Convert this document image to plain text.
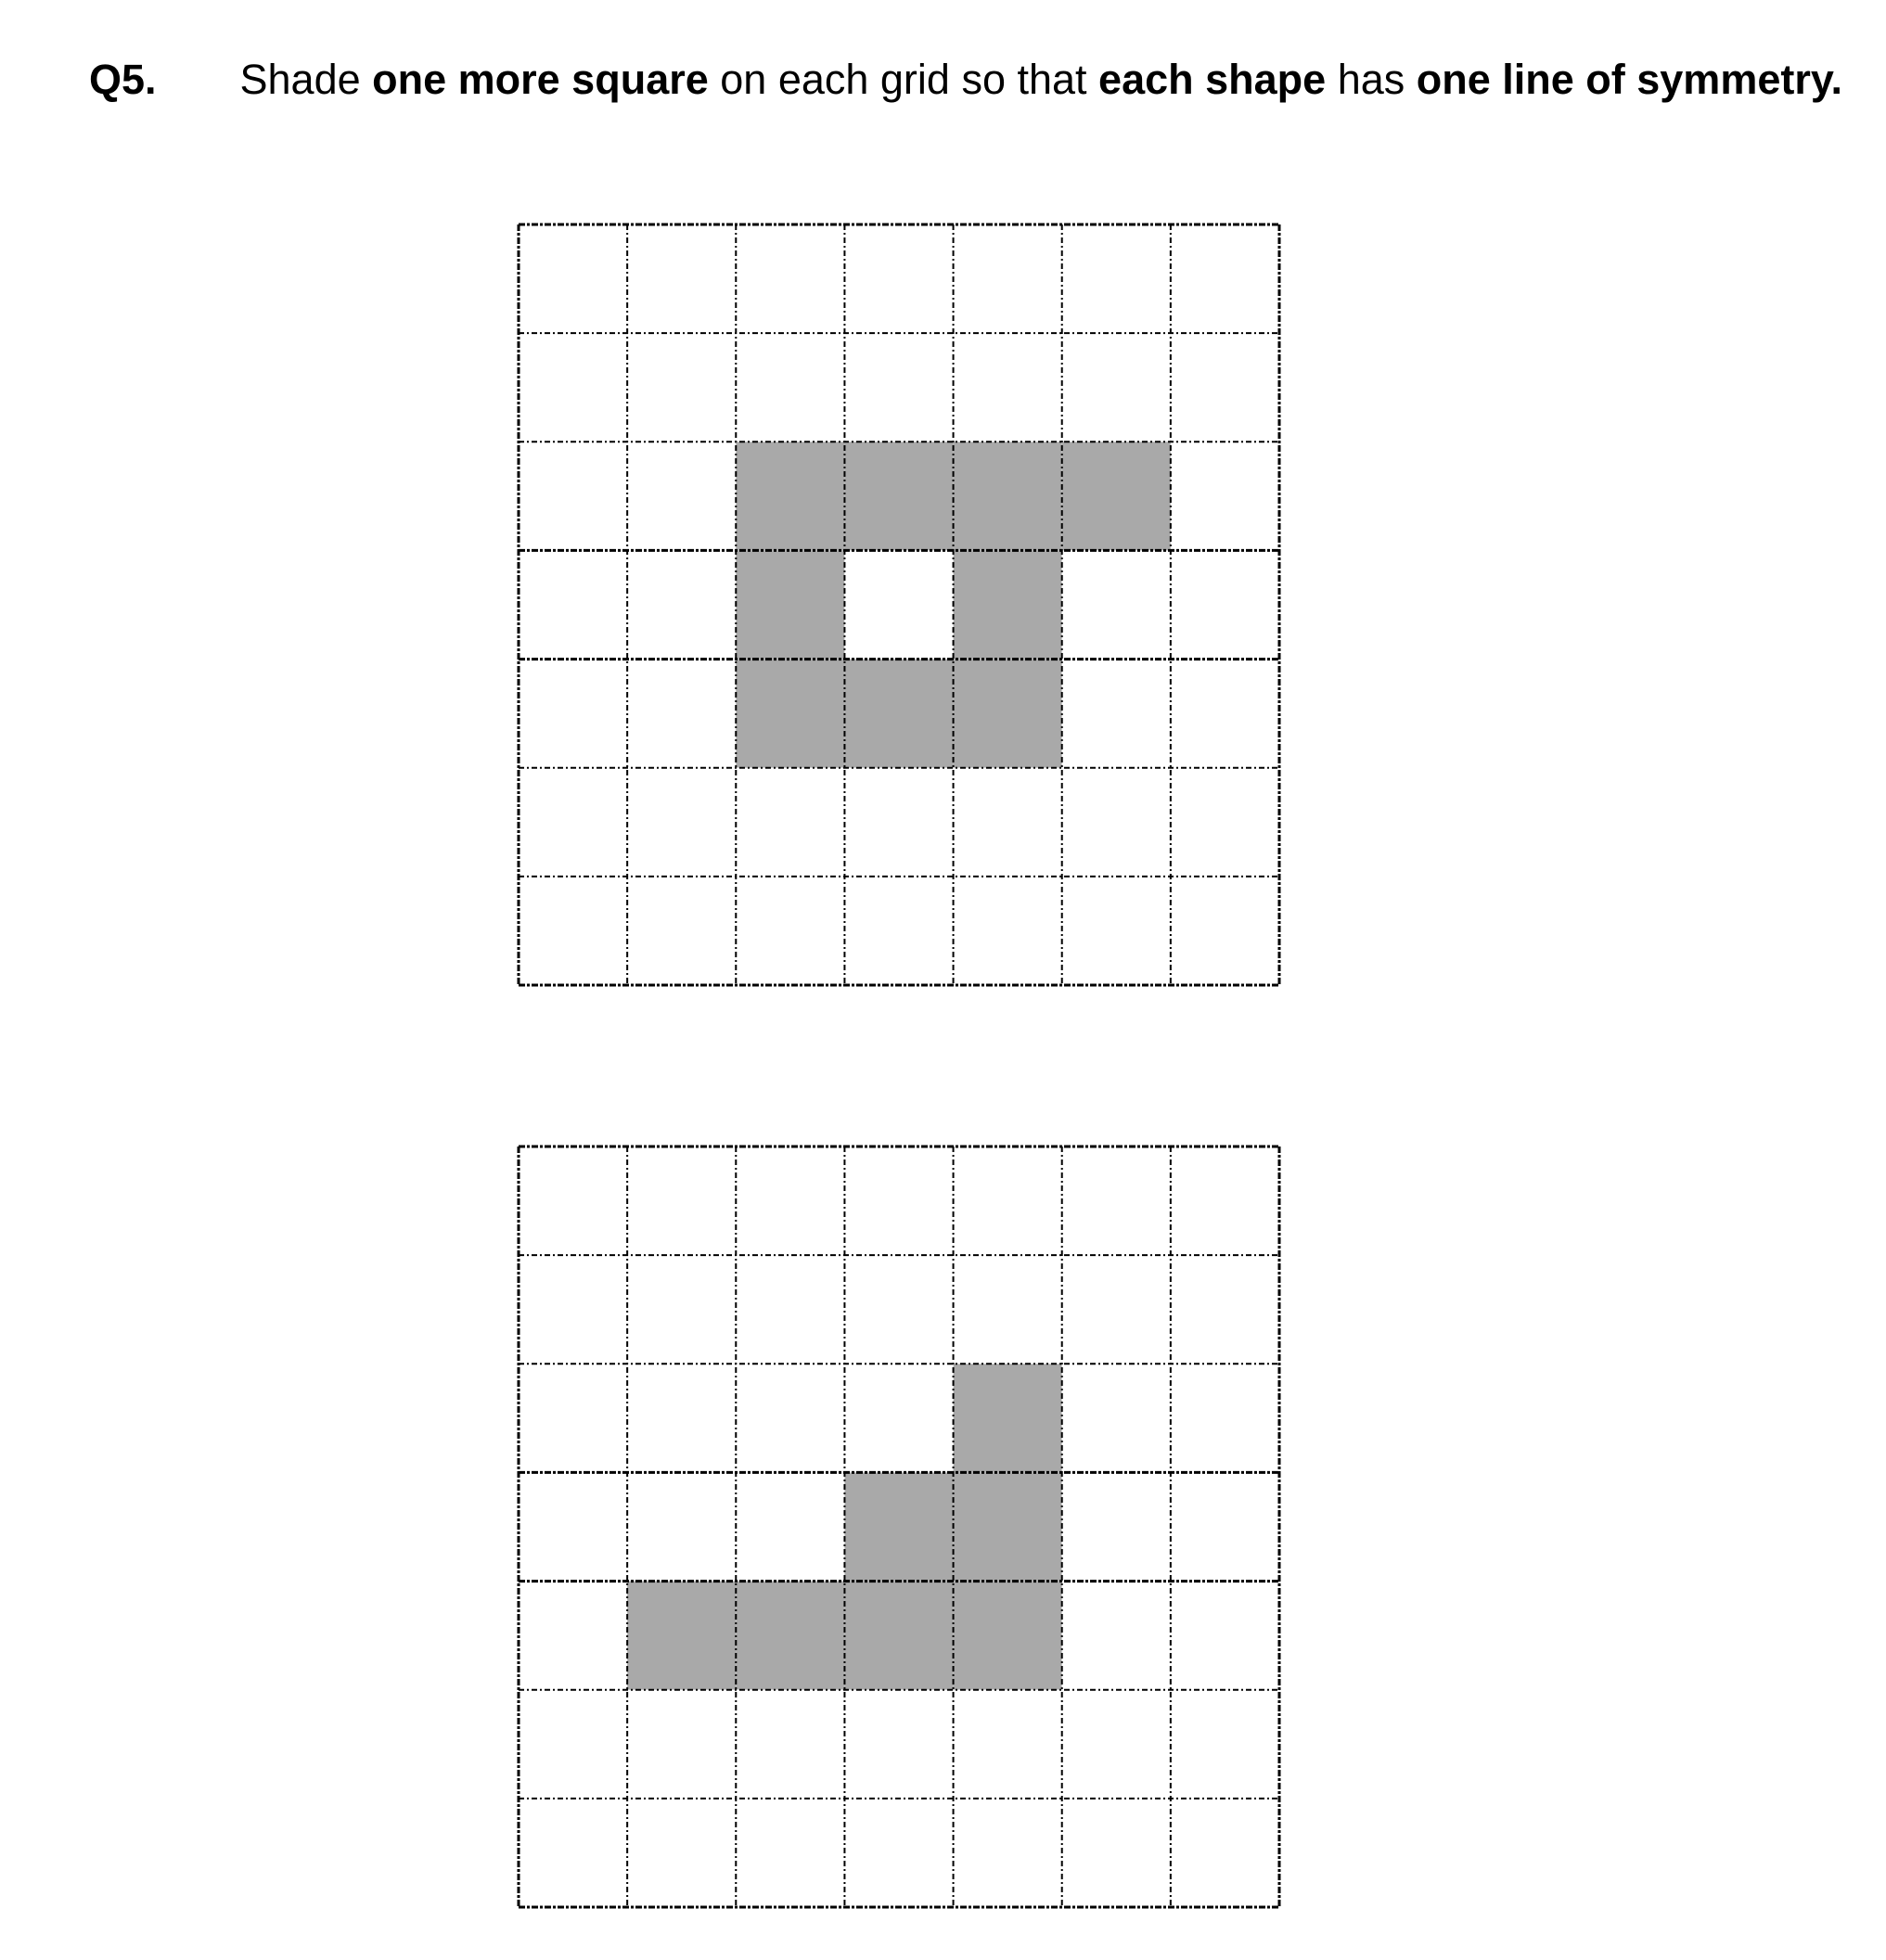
Q5. Shade one more square on each grid so that each shape has one line of symmetry.
